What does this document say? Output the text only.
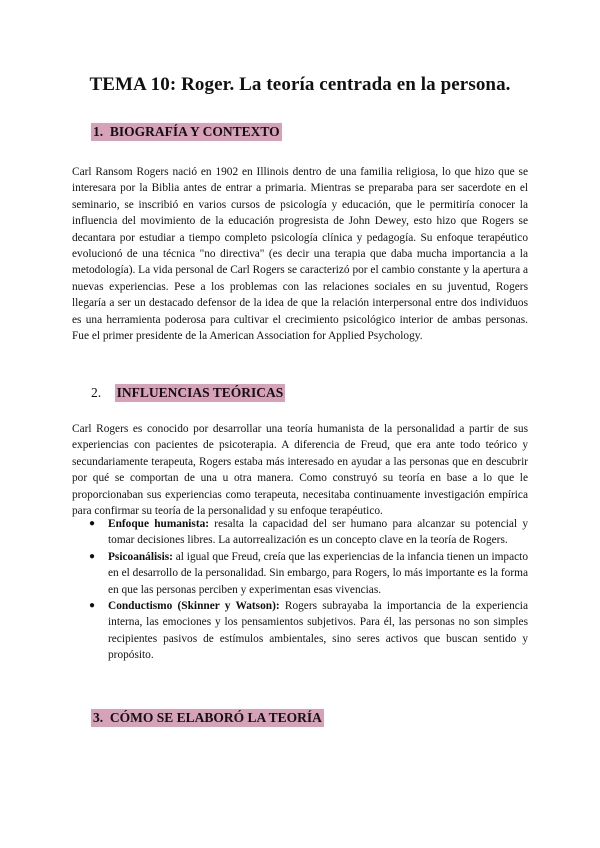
TEMA 10: Roger. La teoría centrada en la persona.
1. BIOGRAFÍA Y CONTEXTO

Carl Ransom Rogers nació en 1902 en Illinois dentro de una familia religiosa, lo que hizo que se interesara por la Biblia antes de entrar a primaria. Mientras se preparaba para ser sacerdote en el seminario, se inscribió en varios cursos de psicología y educación, que le permitiría conocer la influencia del movimiento de la educación progresista de John Dewey, esto hizo que Rogers se decantara por estudiar a tiempo completo psicología clínica y pedagogía. Su enfoque terapéutico evolucionó de una técnica "no directiva" (es decir una terapia que daba mucha importancia a la metodología). La vida personal de Carl Rogers se caracterizó por el cambio constante y la apertura a nuevas experiencias. Pese a los problemas con las relaciones sociales en su juventud, Rogers llegaría a ser un destacado defensor de la idea de que la relación interpersonal entre dos individuos es una herramienta poderosa para cultivar el crecimiento psicológico interior de ambas personas. Fue el primer presidente de la American Association for Applied Psychology.

2. INFLUENCIAS TEÓRICAS

Carl Rogers es conocido por desarrollar una teoría humanista de la personalidad a partir de sus experiencias con pacientes de psicoterapia. A diferencia de Freud, que era ante todo teórico y secundariamente terapeuta, Rogers estaba más interesado en ayudar a las personas que en descubrir por qué se comportan de una u otra manera. Como construyó su teoría en base a lo que le proporcionaban sus experiencias como terapeuta, necesitaba continuamente investigación empírica para confirmar su teoría de la personalidad y su enfoque terapéutico.

● Enfoque humanista: resalta la capacidad del ser humano para alcanzar su potencial y tomar decisiones libres. La autorrealización es un concepto clave en la teoría de Rogers.
● Psicoanálisis: al igual que Freud, creía que las experiencias de la infancia tienen un impacto en el desarrollo de la personalidad. Sin embargo, para Rogers, lo más importante es la forma en que las personas perciben y experimentan esas vivencias.
● Conductismo (Skinner y Watson): Rogers subrayaba la importancia de la experiencia interna, las emociones y los pensamientos subjetivos. Para él, las personas no son simples recipientes pasivos de estímulos ambientales, sino seres activos que buscan sentido y propósito.
3. CÓMO SE ELABORÓ LA TEORÍA
